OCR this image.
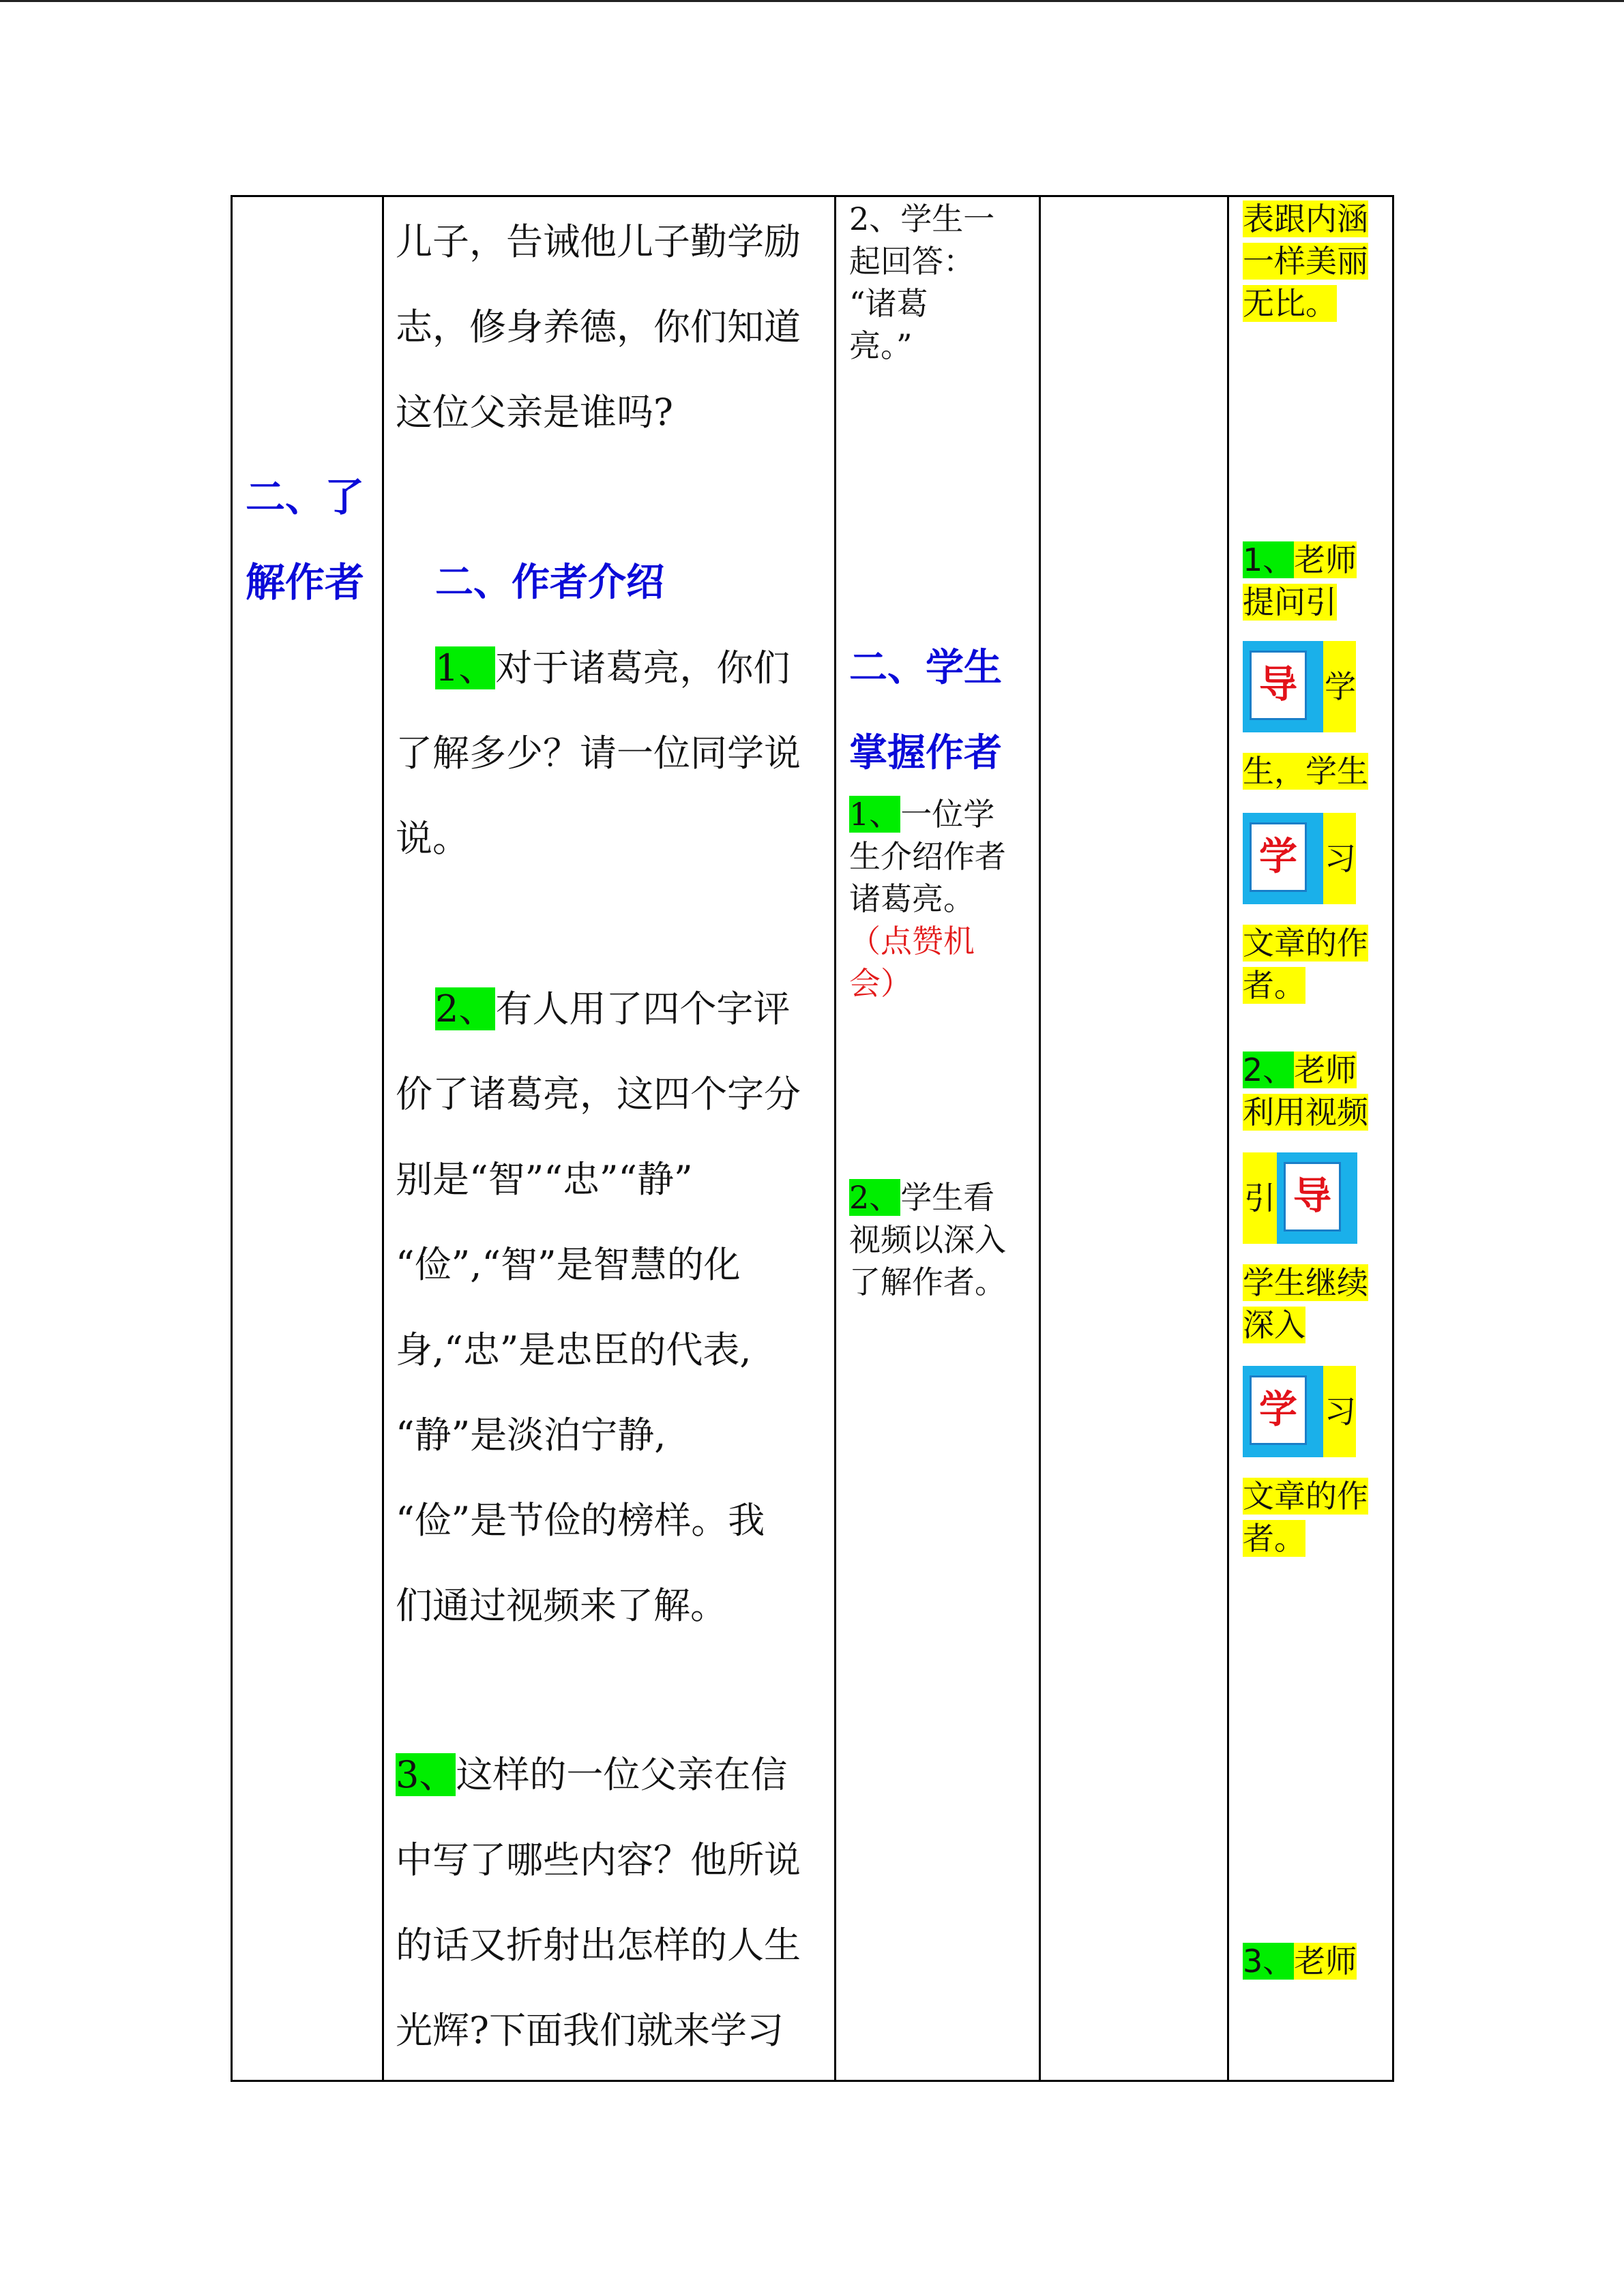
二、了
解作者

儿子，告诫他儿子勤学励

志，修身养德，你们知道

这位父亲是谁吗?

二、作者介绍

1、对于诸葛亮，你们

了解多少？请一位同学说

说。

2、有人用了四个字评

价了诸葛亮，这四个字分

别是“智”“忠”“静”

“俭”,“智”是智慧的化

身,“忠”是忠臣的代表,

“静”是淡泊宁静,

“俭”是节俭的榜样。我

们通过视频来了解。

3、这样的一位父亲在信

中写了哪些内容？他所说

的话又折射出怎样的人生

光辉?下面我们就来学习

2、学生一
起回答：
“诸葛
亮。”
二、学生
掌握作者
1、一位学
生介绍作者
诸葛亮。
（点赞机
会）
2、学生看
视频以深入
了解作者。
表跟内涵
一样美丽
无比。
1、老师
提问引
导 学
生，学生
学 习
文章的作
者。
2、老师
利用视频
引 导
学生继续
深入
学 习
文章的作
者。
3、老师
